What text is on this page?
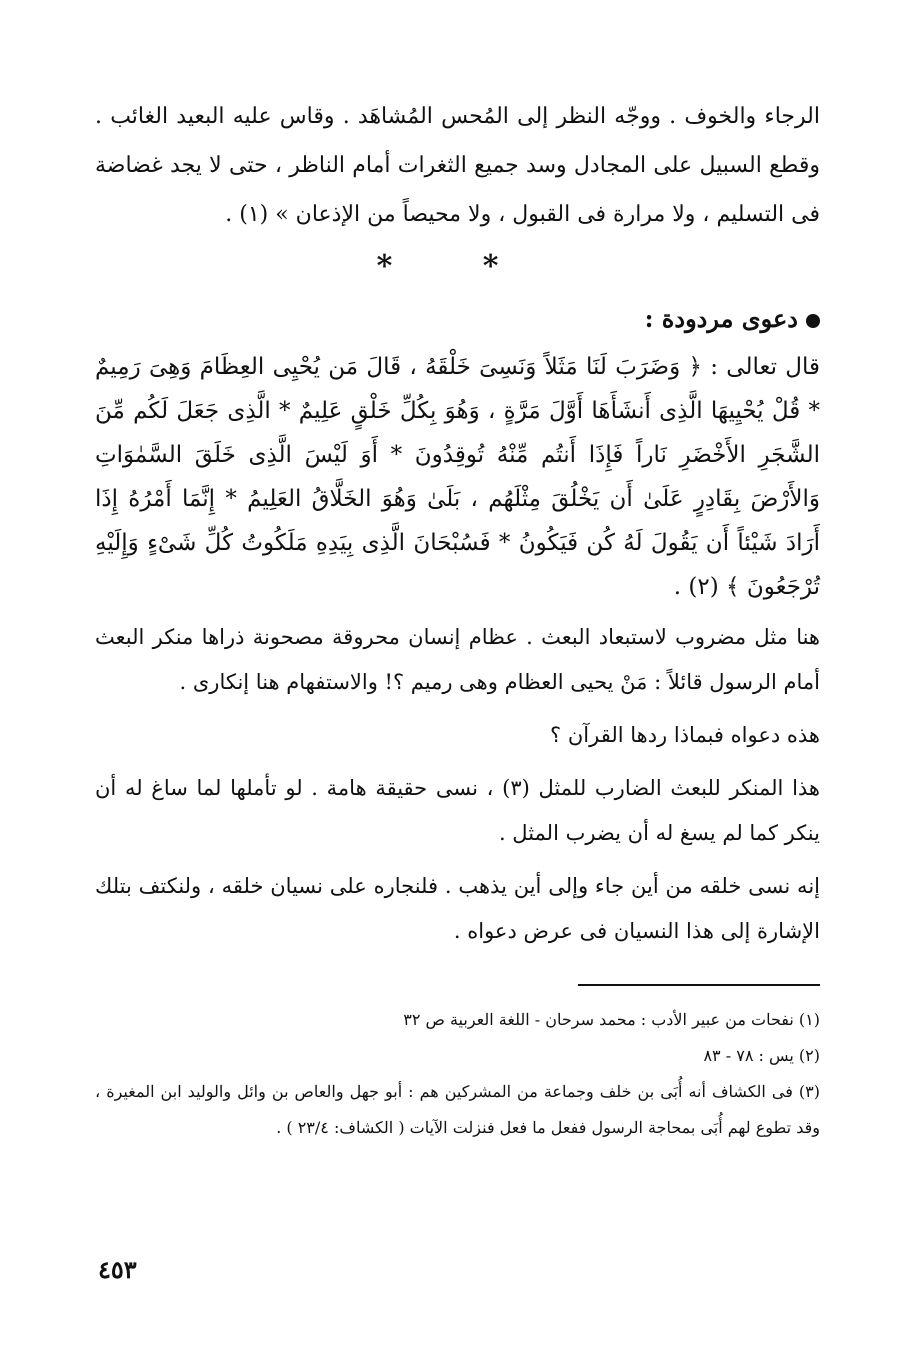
الرجاء والخوف . ووجّه النظر إلى المُحس المُشاهَد . وقاس عليه البعيد الغائب . وقطع السبيل على المجادل وسد جميع الثغرات أمام الناظر ، حتى لا يجد غضاضة فى التسليم ، ولا مرارة فى القبول ، ولا محيصاً من الإذعان » (١) .

* *
دعوى مردودة :

قال تعالى : ﴿ وَضَرَبَ لَنَا مَثَلاً وَنَسِىَ خَلْقَهُ ، قَالَ مَن يُحْيِى العِظَامَ وَهِىَ رَمِيمٌ * قُلْ يُحْيِيهَا الَّذِى أَنشَأَهَا أَوَّلَ مَرَّةٍ ، وَهُوَ بِكُلِّ خَلْقٍ عَلِيمٌ * الَّذِى جَعَلَ لَكُم مِّنَ الشَّجَرِ الأَخْضَرِ نَاراً فَإِذَا أَنتُم مِّنْهُ تُوقِدُونَ * أَوَ لَيْسَ الَّذِى خَلَقَ السَّمٰوَاتِ وَالأَرْضَ بِقَادِرٍ عَلَىٰ أَن يَخْلُقَ مِثْلَهُم ، بَلَىٰ وَهُوَ الخَلَّاقُ العَلِيمُ * إِنَّمَا أَمْرُهُ إِذَا أَرَادَ شَيْئاً أَن يَقُولَ لَهُ كُن فَيَكُونُ * فَسُبْحَانَ الَّذِى بِيَدِهِ مَلَكُوتُ كُلِّ شَىْءٍ وَإِلَيْهِ تُرْجَعُونَ ﴾ (٢) .

هنا مثل مضروب لاستبعاد البعث . عظام إنسان محروقة مصحونة ذراها منكر البعث أمام الرسول قائلاً : مَنْ يحيى العظام وهى رميم ؟! والاستفهام هنا إنكارى .

هذه دعواه فبماذا ردها القرآن ؟

هذا المنكر للبعث الضارب للمثل (٣) ، نسى حقيقة هامة . لو تأملها لما ساغ له أن ينكر كما لم يسغ له أن يضرب المثل .

إنه نسى خلقه من أين جاء وإلى أين يذهب . فلنجاره على نسيان خلقه ، ولنكتف بتلك الإشارة إلى هذا النسيان فى عرض دعواه .

(١) نفحات من عبير الأدب : محمد سرحان - اللغة العربية ص ٣٢

(٢) يس : ٧٨ - ٨٣

(٣) فى الكشاف أنه أُبَى بن خلف وجماعة من المشركين هم : أبو جهل والعاص بن وائل والوليد ابن المغيرة ، وقد تطوع لهم أُبَى بمحاجة الرسول ففعل ما فعل فنزلت الآيات ( الكشاف: ٢٣/٤ ) .

٤٥٣
